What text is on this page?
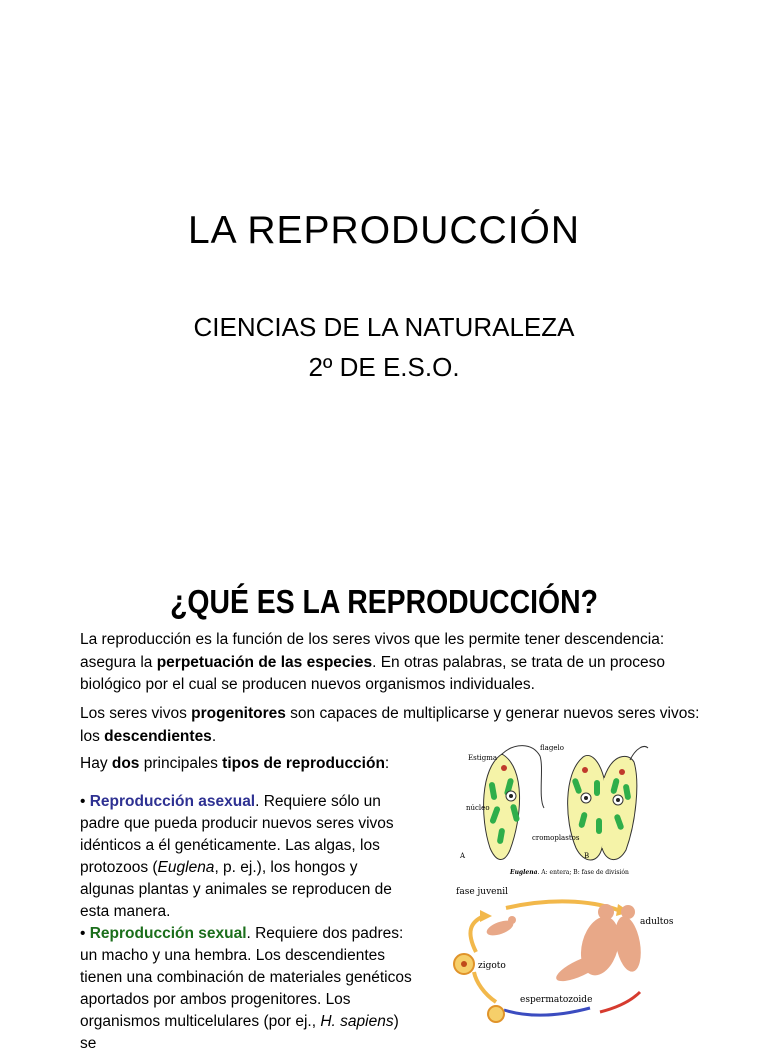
LA REPRODUCCIÓN
CIENCIAS DE LA NATURALEZA
2º DE E.S.O.
¿QUÉ ES LA REPRODUCCIÓN?
La reproducción es la función de los seres vivos que les permite tener descendencia: asegura la perpetuación de las especies. En otras palabras, se trata de un proceso biológico por el cual se producen nuevos organismos individuales.
Los seres vivos progenitores son capaces de multiplicarse y generar nuevos seres vivos: los descendientes.
Hay dos principales tipos de reproducción:
• Reproducción asexual. Requiere sólo un padre que pueda producir nuevos seres vivos idénticos a él genéticamente. Las algas, los protozoos (Euglena, p. ej.), los hongos y algunas plantas y animales se reproducen de esta manera.
• Reproducción sexual. Requiere dos padres: un macho y una hembra. Los descendientes tienen una combinación de materiales genéticos aportados por ambos progenitores. Los organismos multicelulares (por ej., H. sapiens) se
Estigma
flagelo
núcleo
cromoplastos
A	B
Euglena. A: entera; B: fase de división
fase juvenil
adultos
zigoto
espermatozoide
